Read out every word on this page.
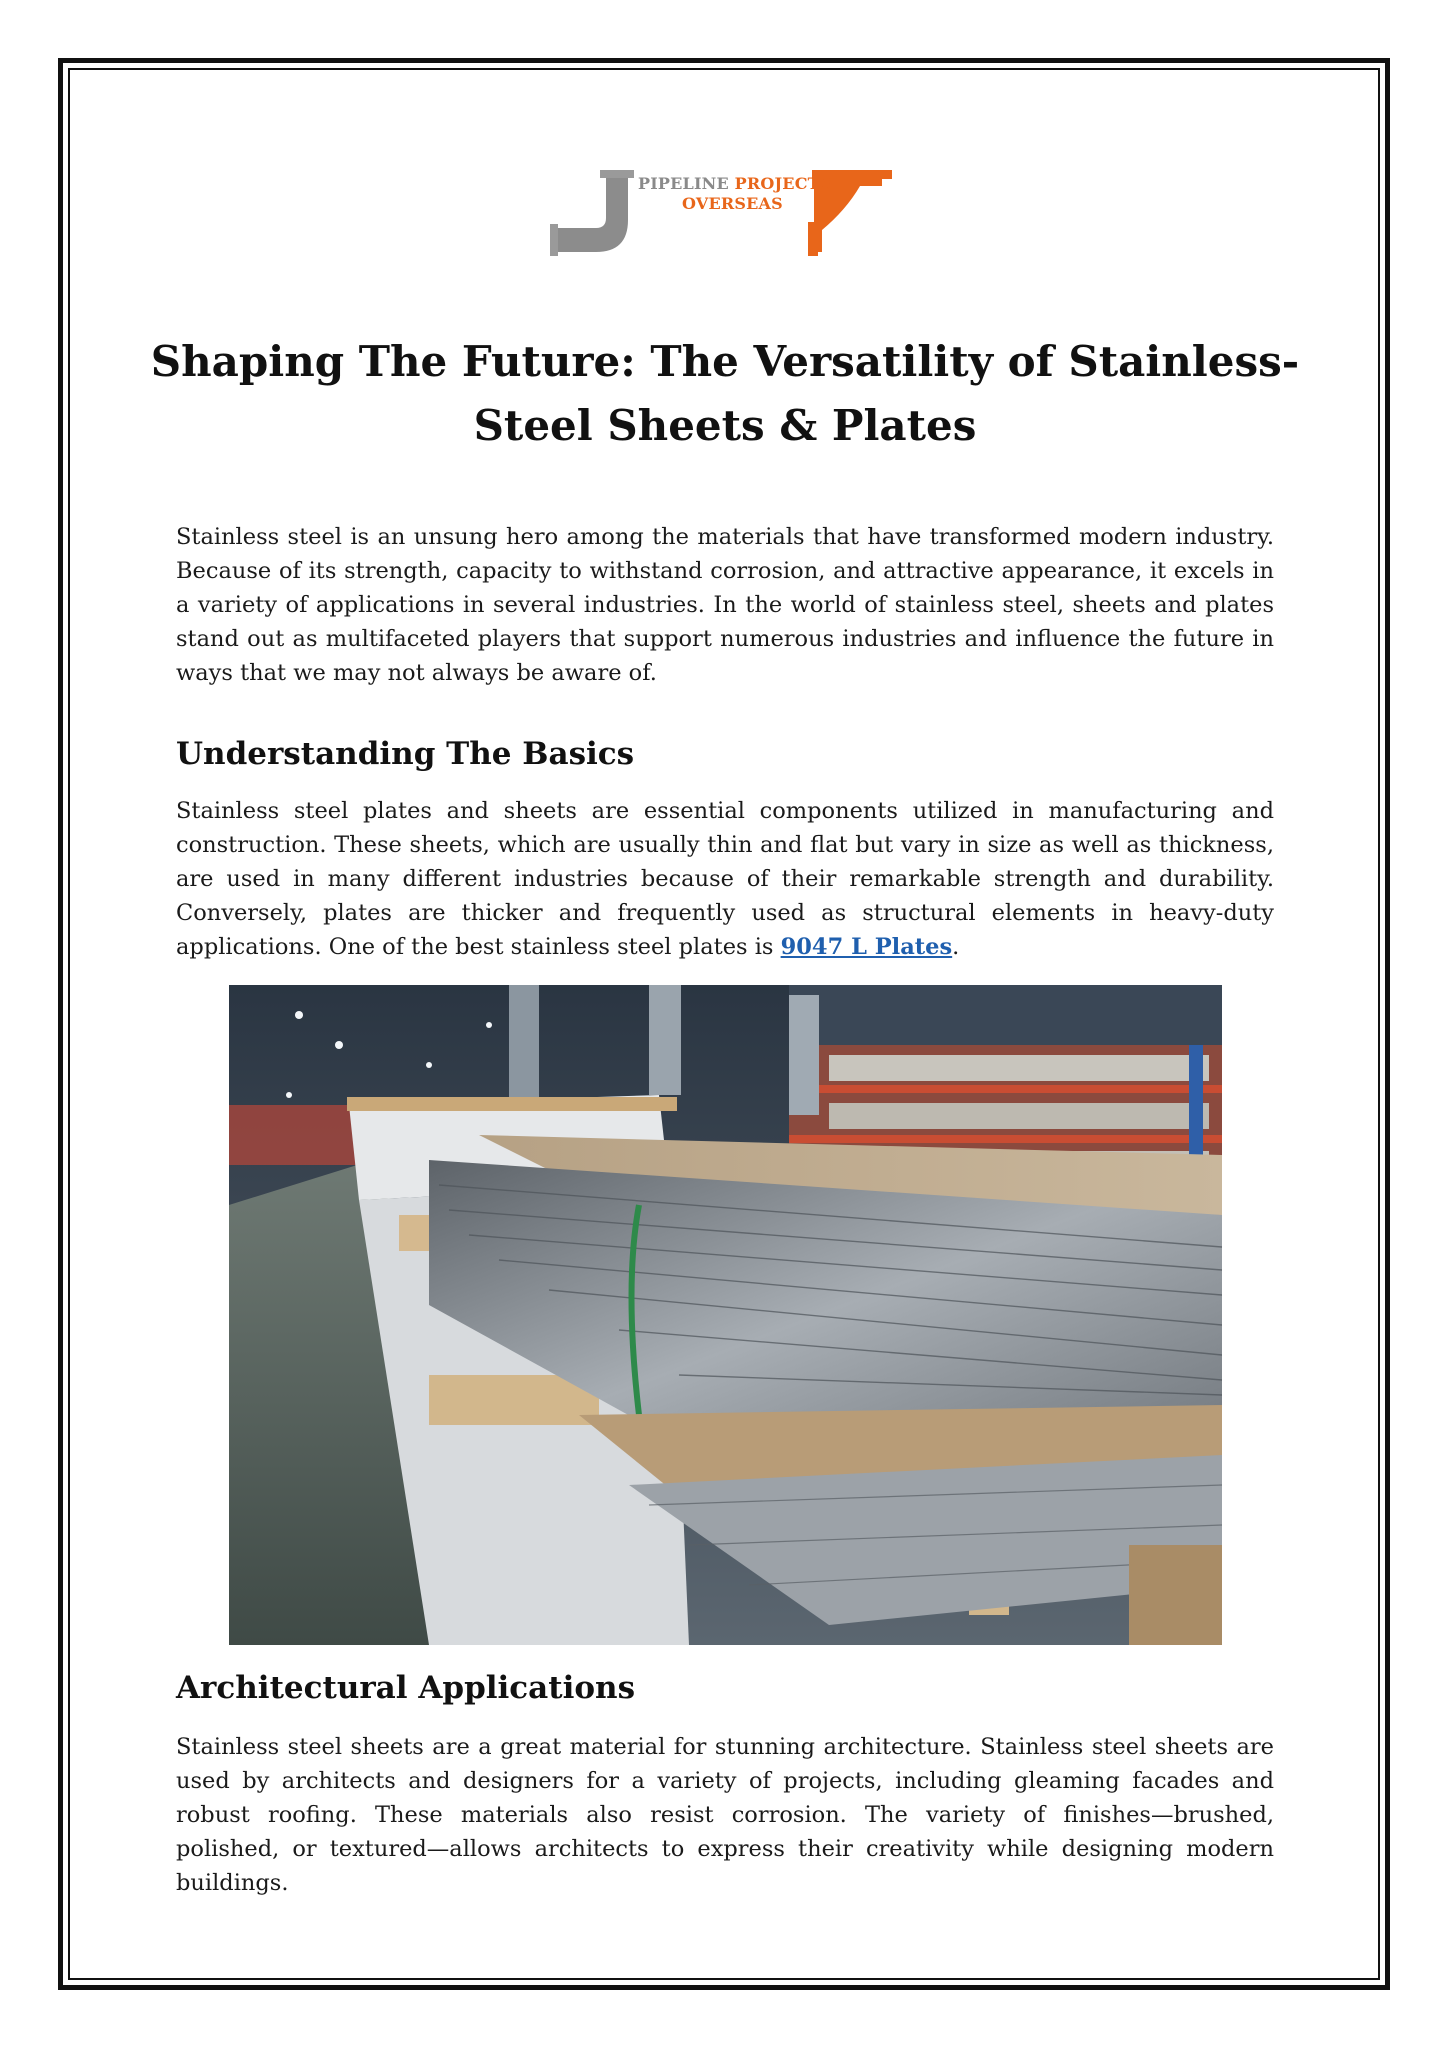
PIPELINE PROJECTS
OVERSEAS
Shaping The Future: The Versatility of Stainless-Steel Sheets & Plates

Stainless steel is an unsung hero among the materials that have transformed modern industry. Because of its strength, capacity to withstand corrosion, and attractive appearance, it excels in a variety of applications in several industries. In the world of stainless steel, sheets and plates stand out as multifaceted players that support numerous industries and influence the future in ways that we may not always be aware of.

Understanding The Basics

Stainless steel plates and sheets are essential components utilized in manufacturing and construction. These sheets, which are usually thin and flat but vary in size as well as thickness, are used in many different industries because of their remarkable strength and durability. Conversely, plates are thicker and frequently used as structural elements in heavy-duty applications. One of the best stainless steel plates is 9047 L Plates.

Architectural Applications

Stainless steel sheets are a great material for stunning architecture. Stainless steel sheets are used by architects and designers for a variety of projects, including gleaming facades and robust roofing. These materials also resist corrosion. The variety of finishes—brushed, polished, or textured—allows architects to express their creativity while designing modern buildings.
